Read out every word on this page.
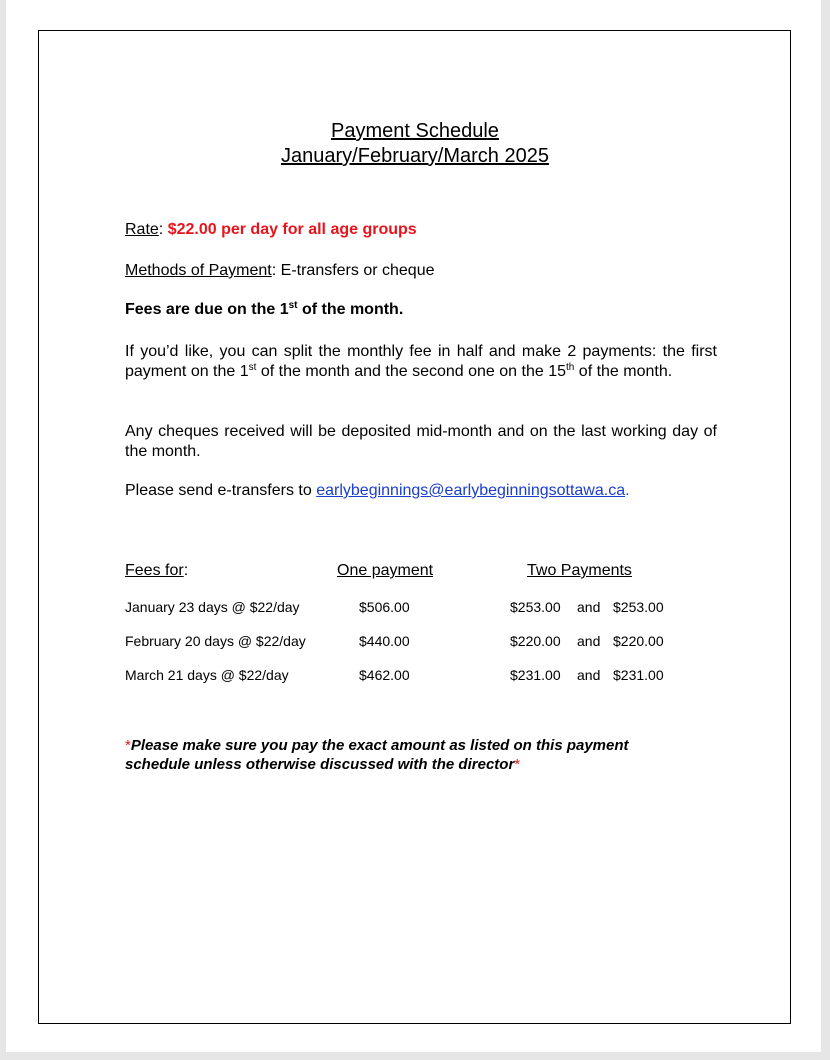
Payment Schedule
January/February/March 2025
Rate: $22.00 per day for all age groups
Methods of Payment: E-transfers or cheque
Fees are due on the 1st of the month.
If you’d like, you can split the monthly fee in half and make 2 payments: the first payment on the 1st of the month and the second one on the 15th of the month.
Any cheques received will be deposited mid-month and on the last working day of the month.
Please send e-transfers to earlybeginnings@earlybeginningsottawa.ca.
Fees for:	One payment	Two Payments
January 23 days @ $22/day	$506.00	$253.00 and $253.00
February 20 days @ $22/day	$440.00	$220.00 and $220.00
March 21 days @ $22/day	$462.00	$231.00 and $231.00
*Please make sure you pay the exact amount as listed on this payment schedule unless otherwise discussed with the director*
